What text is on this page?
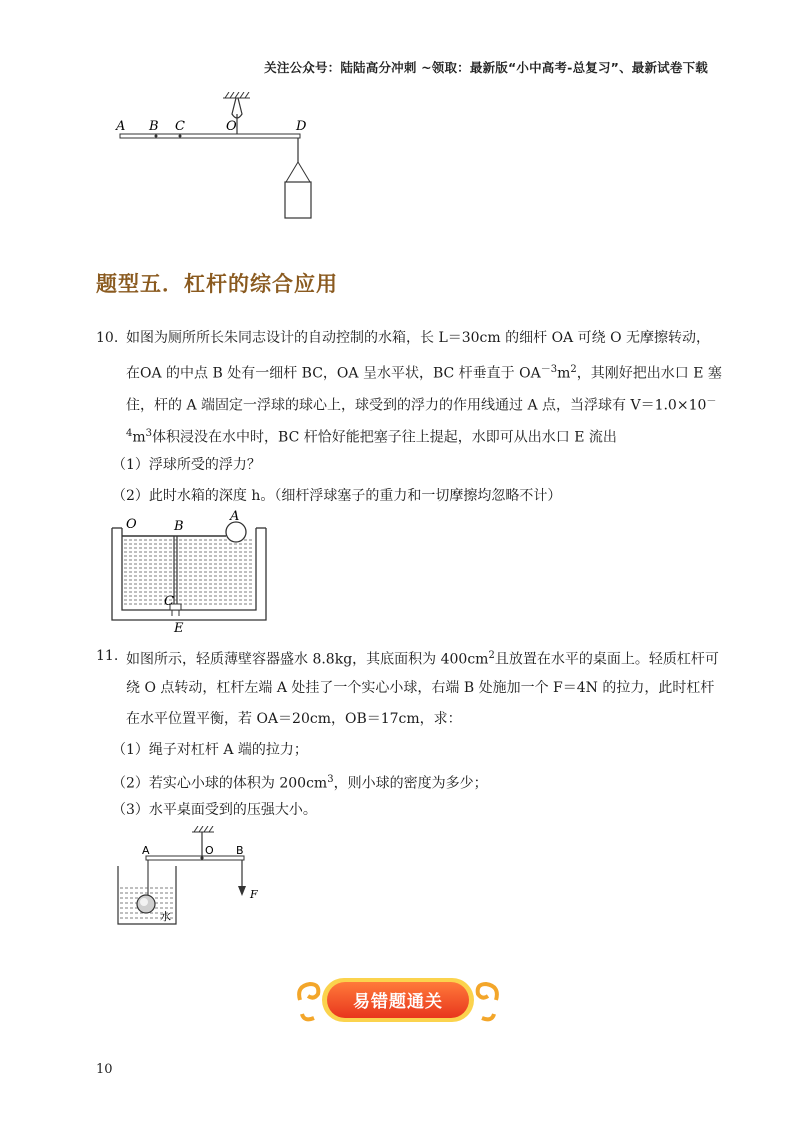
关注公众号：陆陆高分冲刺 ~领取：最新版“小中高考-总复习”、最新试卷下载
A B C	O	D
题型五．杠杆的综合应用
10. 如图为厕所所长朱同志设计的自动控制的水箱，长 L＝30cm 的细杆 OA 可绕 O 无摩擦转动，
在OA 的中点 B 处有一细杆 BC，OA 呈水平状，BC 杆垂直于 $OA^{-3}m^2$，其刚好把出水口 E 塞
住，杆的 A 端固定一浮球的球心上，球受到的浮力的作用线通过 A 点，当浮球有 V＝1.0×10－
$^4m^3$体积浸没在水中时，BC 杆恰好能把塞子往上提起，水即可从出水口 E 流出
（1）浮球所受的浮力？
（2）此时水箱的深度 h。（细杆浮球塞子的重力和一切摩擦均忽略不计）
O	B
A
C
E
11. 如图所示，轻质薄壁容器盛水 8.8kg，其底面积为 $400cm^2$且放置在水平的桌面上。轻质杠杆可
绕 O 点转动，杠杆左端 A 处挂了一个实心小球，右端 B 处施加一个 F＝4N 的拉力，此时杠杆
在水平位置平衡，若 OA＝20cm，OB＝17cm，求：
（1）绳子对杠杆 A 端的拉力；
（2）若实心小球的体积为 $200cm^3$，则小球的密度为多少；
（3）水平桌面受到的压强大小。
A	O B
F
水
易错题通关
10
